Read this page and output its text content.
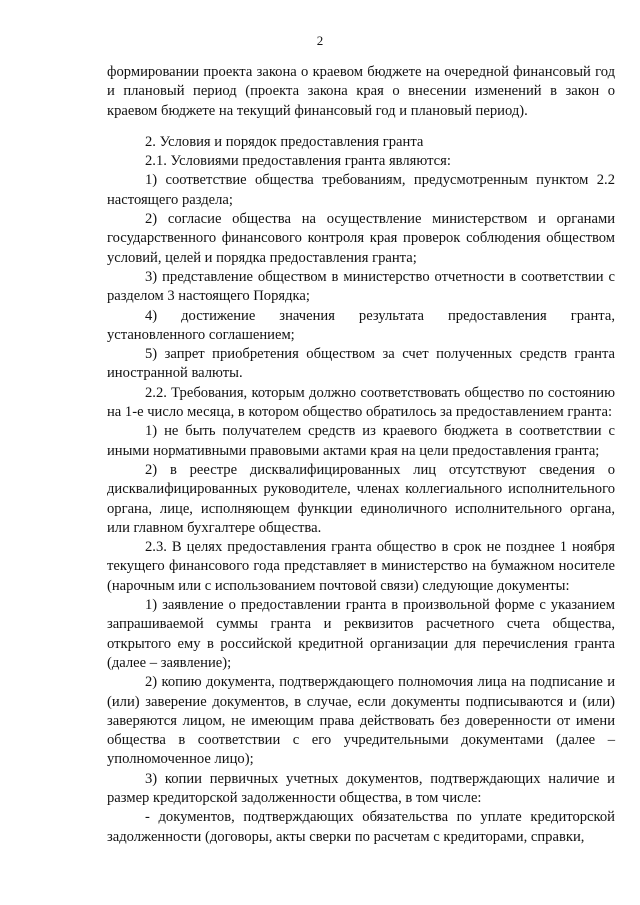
2

формировании проекта закона о краевом бюджете на очередной финансовый год и плановый период (проекта закона края о внесении изменений в закон о краевом бюджете на текущий финансовый год и плановый период).

2. Условия и порядок предоставления гранта

2.1. Условиями предоставления гранта являются:

1) соответствие общества требованиям, предусмотренным пунктом 2.2 настоящего раздела;

2) согласие общества на осуществление министерством и органами государственного финансового контроля края проверок соблюдения обществом условий, целей и порядка предоставления гранта;

3) представление обществом в министерство отчетности в соответствии с разделом 3 настоящего Порядка;

4) достижение значения результата предоставления гранта, установленного соглашением;

5) запрет приобретения обществом за счет полученных средств гранта иностранной валюты.

2.2. Требования, которым должно соответствовать общество по состоянию на 1-е число месяца, в котором общество обратилось за предоставлением гранта:

1) не быть получателем средств из краевого бюджета в соответствии с иными нормативными правовыми актами края на цели предоставления гранта;

2) в реестре дисквалифицированных лиц отсутствуют сведения о дисквалифицированных руководителе, членах коллегиального исполнительного органа, лице, исполняющем функции единоличного исполнительного органа, или главном бухгалтере общества.

2.3. В целях предоставления гранта общество в срок не позднее 1 ноября текущего финансового года представляет в министерство на бумажном носителе (нарочным или с использованием почтовой связи) следующие документы:

1) заявление о предоставлении гранта в произвольной форме с указанием запрашиваемой суммы гранта и реквизитов расчетного счета общества, открытого ему в российской кредитной организации для перечисления гранта (далее – заявление);

2) копию документа, подтверждающего полномочия лица на подписание и (или) заверение документов, в случае, если документы подписываются и (или) заверяются лицом, не имеющим права действовать без доверенности от имени общества в соответствии с его учредительными документами (далее – уполномоченное лицо);

3) копии первичных учетных документов, подтверждающих наличие и размер кредиторской задолженности общества, в том числе:

- документов, подтверждающих обязательства по уплате кредиторской задолженности (договоры, акты сверки по расчетам с кредиторами, справки,
